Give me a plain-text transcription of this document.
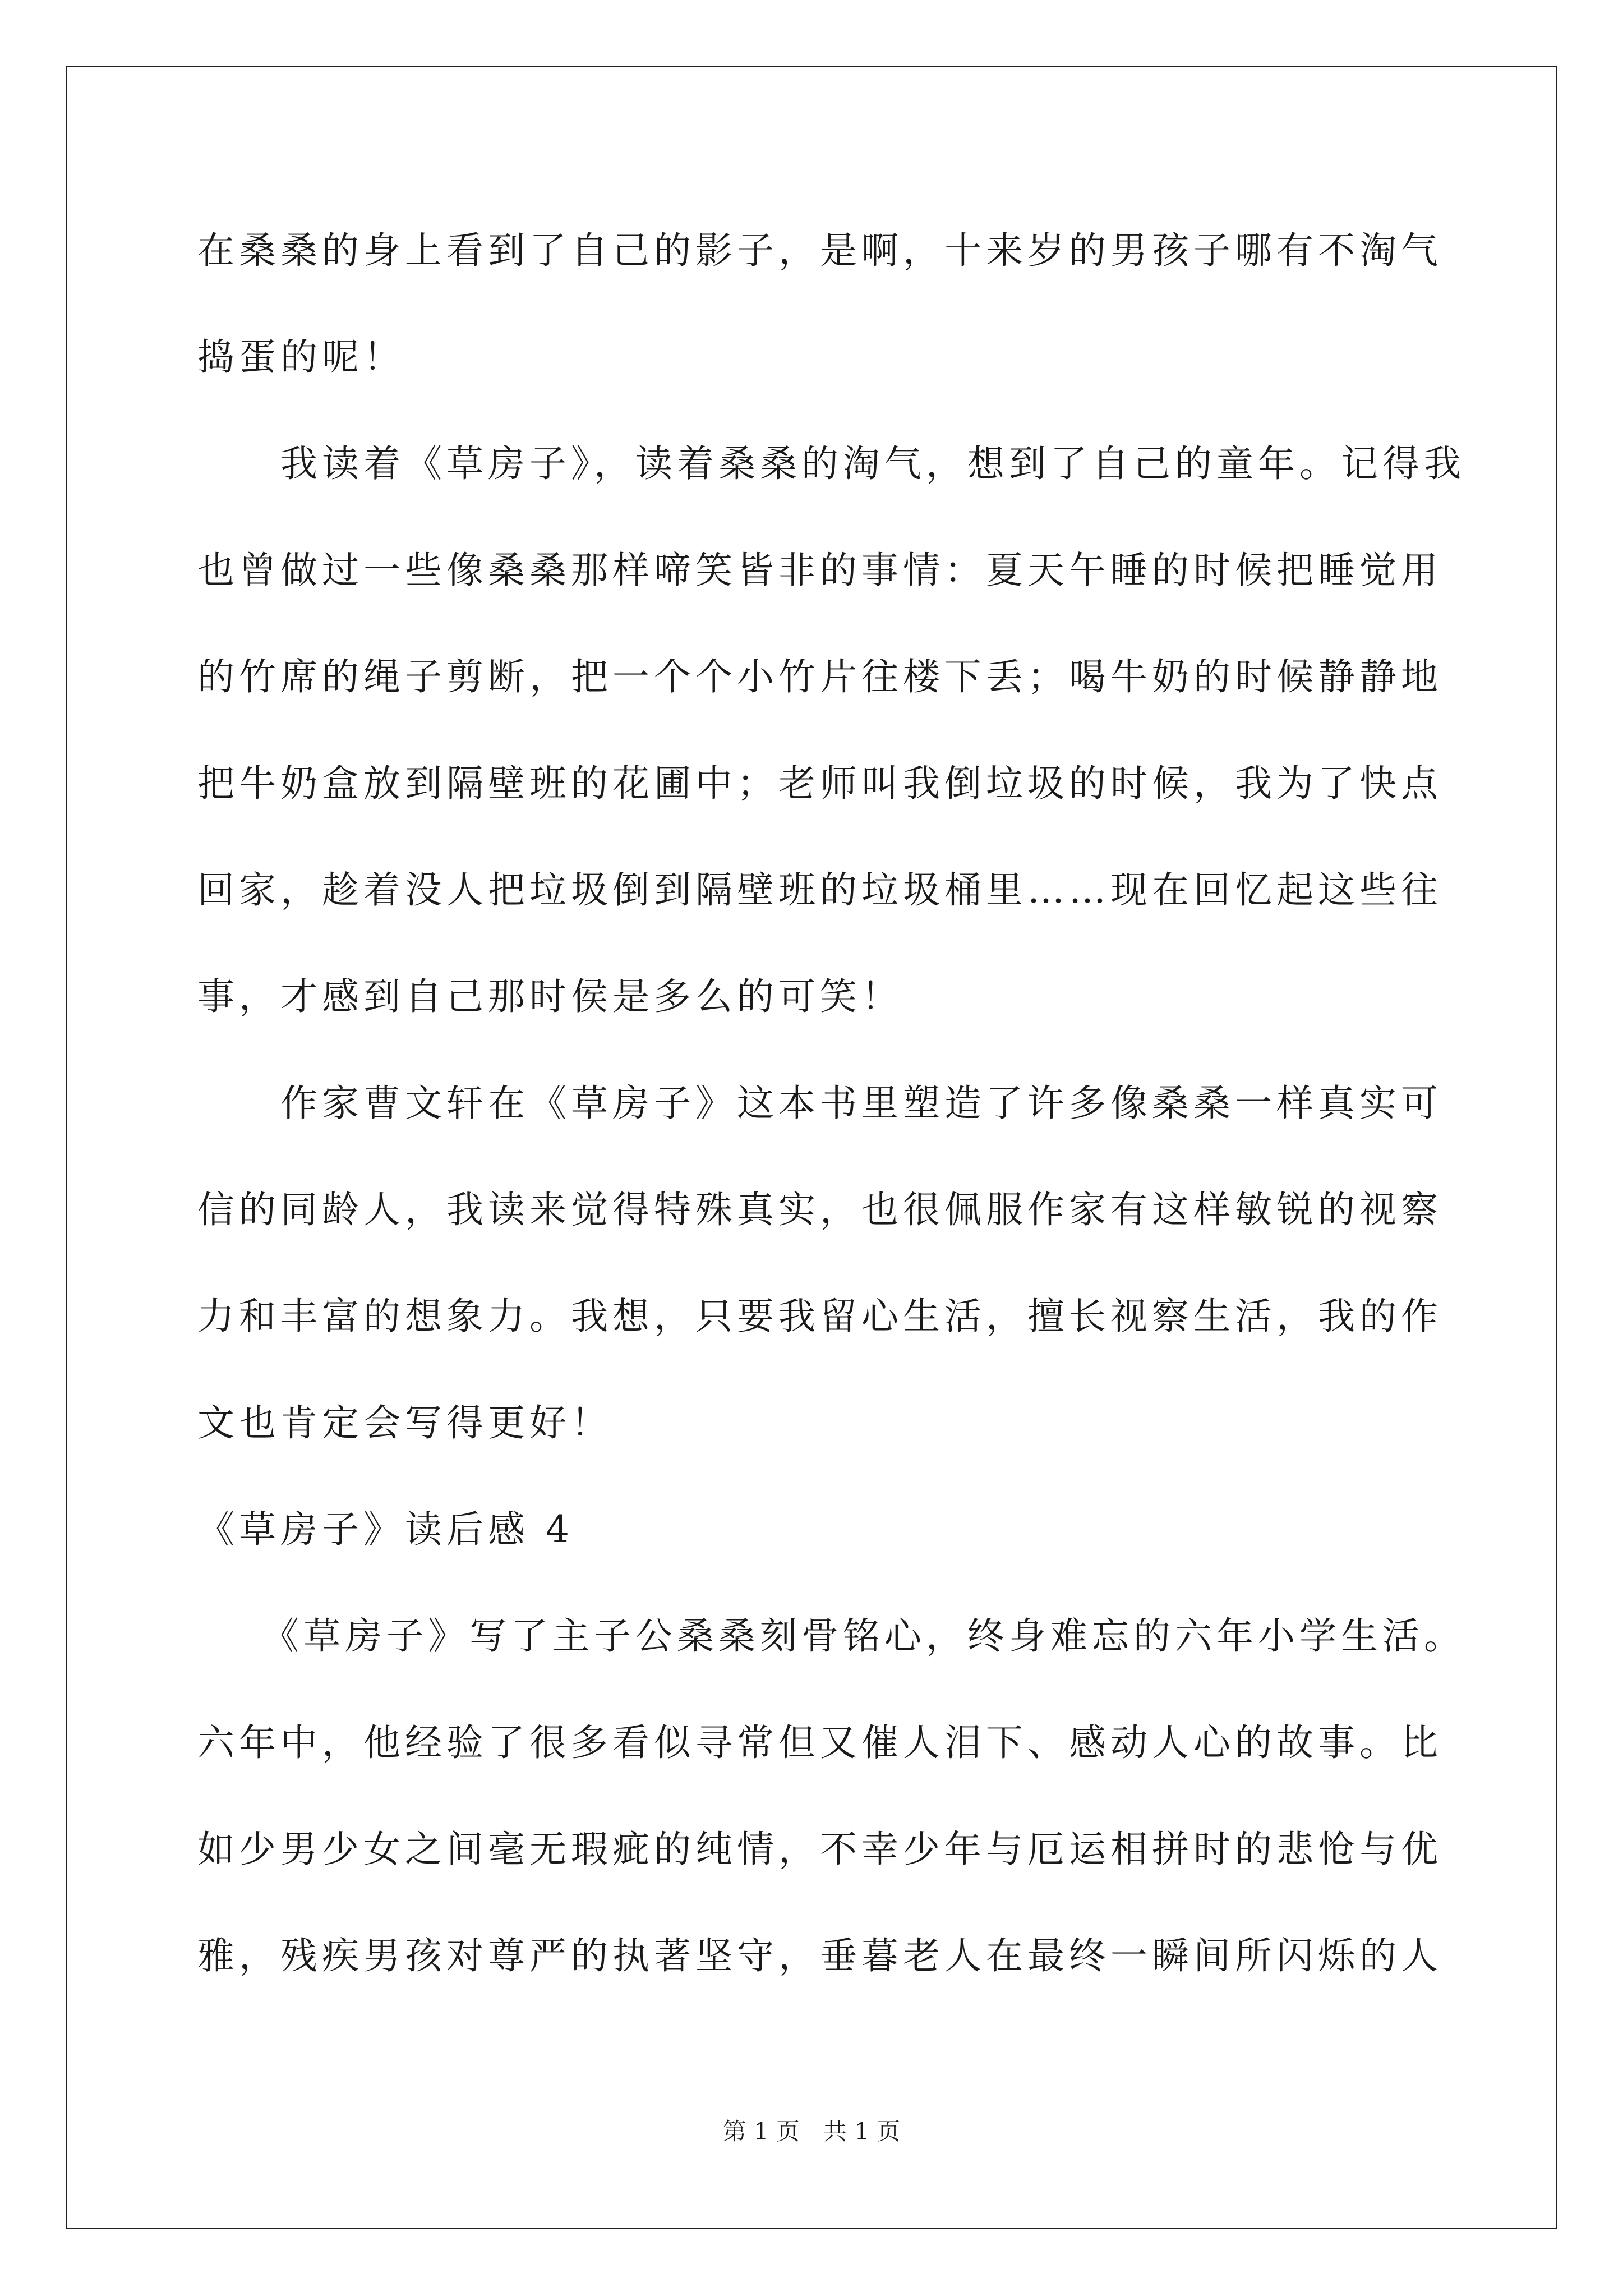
在桑桑的身上看到了自己的影子，是啊，十来岁的男孩子哪有不淘气
捣蛋的呢！
　　我读着《草房子》，读着桑桑的淘气，想到了自己的童年。记得我
也曾做过一些像桑桑那样啼笑皆非的事情：夏天午睡的时候把睡觉用
的竹席的绳子剪断，把一个个小竹片往楼下丢；喝牛奶的时候静静地
把牛奶盒放到隔壁班的花圃中；老师叫我倒垃圾的时候，我为了快点
回家，趁着没人把垃圾倒到隔壁班的垃圾桶里……现在回忆起这些往
事，才感到自己那时侯是多么的可笑！
　　作家曹文轩在《草房子》这本书里塑造了许多像桑桑一样真实可
信的同龄人，我读来觉得特殊真实，也很佩服作家有这样敏锐的视察
力和丰富的想象力。我想，只要我留心生活，擅长视察生活，我的作
文也肯定会写得更好！
《草房子》读后感 4
　　《草房子》写了主子公桑桑刻骨铭心，终身难忘的六年小学生活。
六年中，他经验了很多看似寻常但又催人泪下、感动人心的故事。比
如少男少女之间毫无瑕疵的纯情，不幸少年与厄运相拼时的悲怆与优
雅，残疾男孩对尊严的执著坚守，垂暮老人在最终一瞬间所闪烁的人
第 1 页　共 1 页
